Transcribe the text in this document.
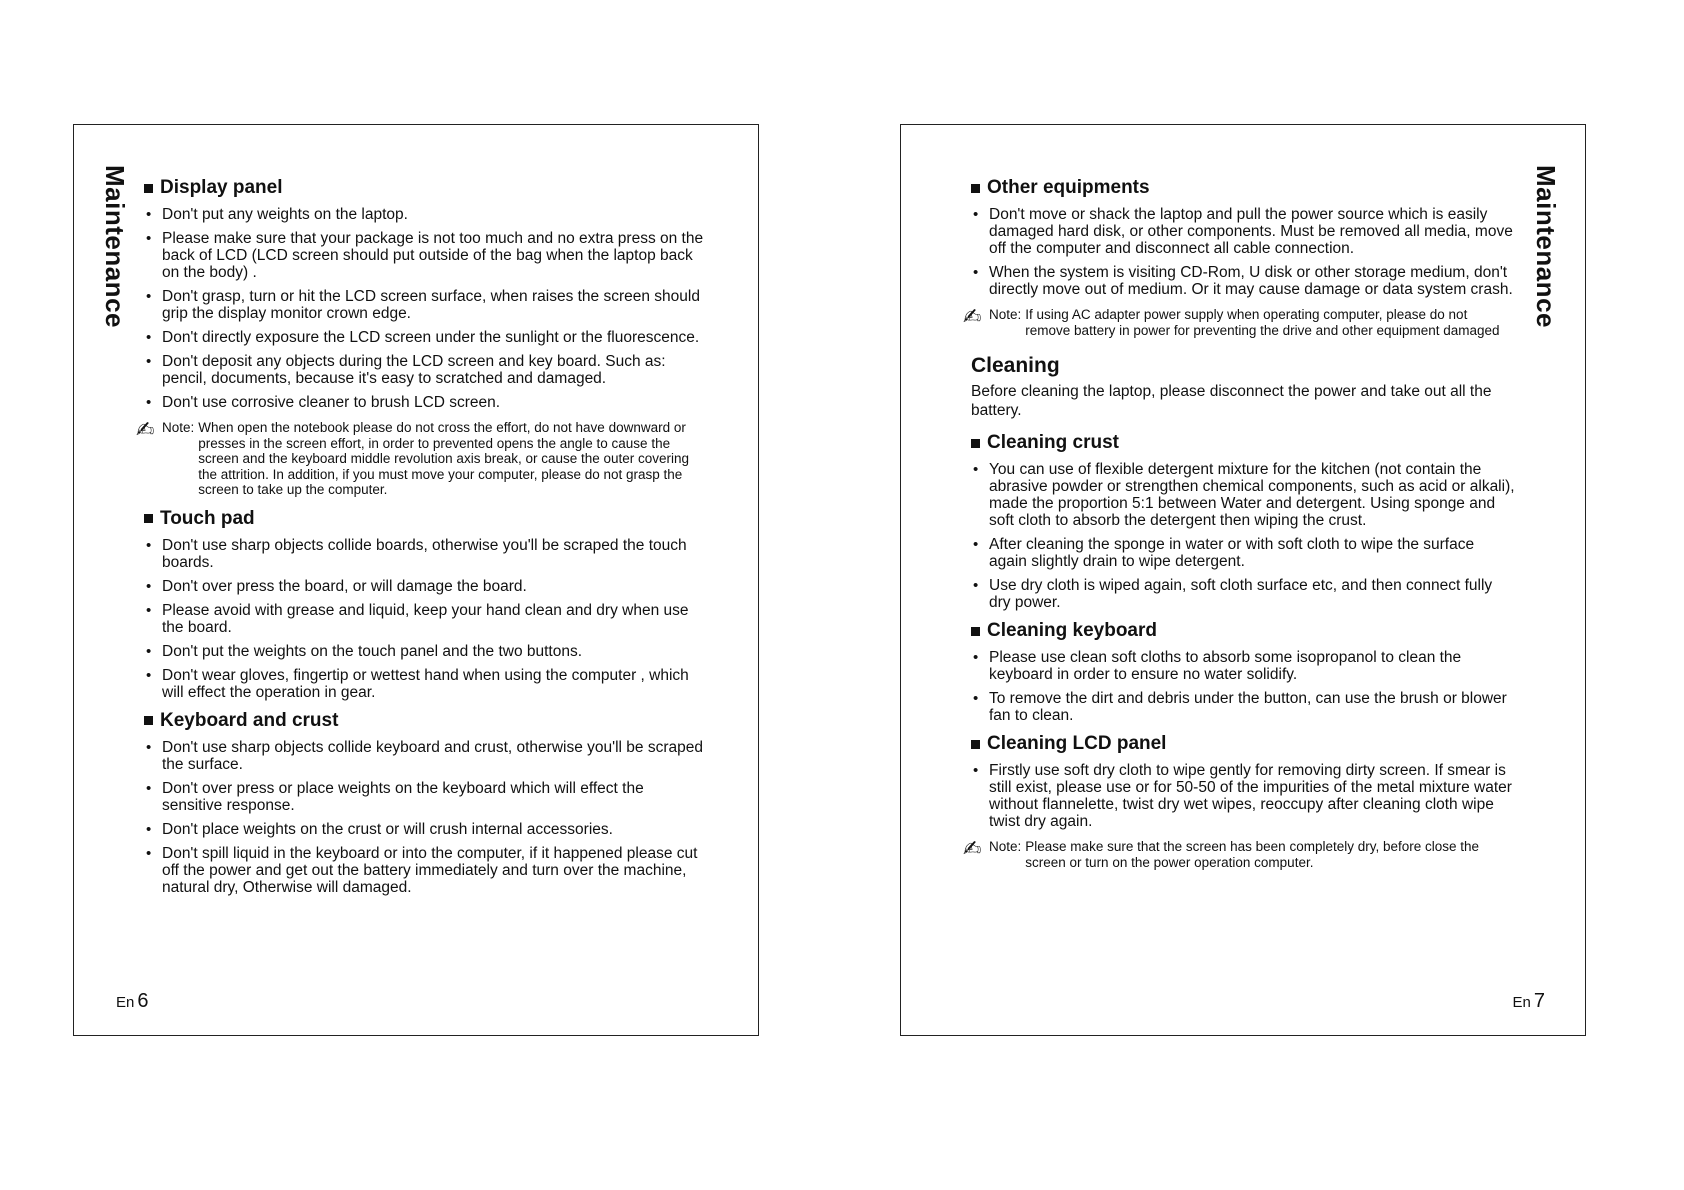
Maintenance Display panel
• Don't put any weights on the laptop.
• Please make sure that your package is not too much and no extra press on the back of LCD (LCD screen should put outside of the bag when the laptop back on the body) .
• Don't grasp, turn or hit the LCD screen surface, when raises the screen should grip the display monitor crown edge.
• Don't directly exposure the LCD screen under the sunlight or the fluorescence.
• Don't deposit any objects during the LCD screen and key board. Such as: pencil, documents, because it's easy to scratched and damaged.
• Don't use corrosive cleaner to brush LCD screen.
✍ Note: When open the notebook please do not cross the effort, do not have downward or presses in the screen effort, in order to prevented opens the angle to cause the screen and the keyboard middle revolution axis break, or cause the outer covering the attrition. In addition, if you must move your computer, please do not grasp the screen to take up the computer.
Touch pad
• Don't use sharp objects collide boards, otherwise you'll be scraped the touch boards.
• Don't over press the board, or will damage the board.
• Please avoid with grease and liquid, keep your hand clean and dry when use the board.
• Don't put the weights on the touch panel and the two buttons.
• Don't wear gloves, fingertip or wettest hand when using the computer , which will effect the operation in gear.
Keyboard and crust
• Don't use sharp objects collide keyboard and crust, otherwise you'll be scraped the surface.
• Don't over press or place weights on the keyboard which will effect the sensitive response.
• Don't place weights on the crust or will crush internal accessories.
• Don't spill liquid in the keyboard or into the computer, if it happened please cut off the power and get out the battery immediately and turn over the machine, natural dry, Otherwise will damaged.
En 6
Maintenance
Other equipments
• Don't move or shack the laptop and pull the power source which is easily damaged hard disk, or other components. Must be removed all media, move off the computer and disconnect all cable connection.
• When the system is visiting CD-Rom, U disk or other storage medium, don't directly move out of medium. Or it may cause damage or data system crash.
✍ Note: If using AC adapter power supply when operating computer, please do not remove battery in power for preventing the drive and other equipment damaged
Cleaning
Before cleaning the laptop, please disconnect the power and take out all the battery.
Cleaning crust
• You can use of flexible detergent mixture for the kitchen (not contain the abrasive powder or strengthen chemical components, such as acid or alkali), made the proportion 5:1 between Water and detergent. Using sponge and soft cloth to absorb the detergent then wiping the crust.
• After cleaning the sponge in water or with soft cloth to wipe the surface again slightly drain to wipe detergent.
• Use dry cloth is wiped again, soft cloth surface etc, and then connect fully dry power.
Cleaning keyboard
• Please use clean soft cloths to absorb some isopropanol to clean the keyboard in order to ensure no water solidify.
• To remove the dirt and debris under the button, can use the brush or blower fan to clean.
Cleaning LCD panel
• Firstly use soft dry cloth to wipe gently for removing dirty screen. If smear is still exist, please use or for 50-50 of the impurities of the metal mixture water without flannelette, twist dry wet wipes, reoccupy after cleaning cloth wipe twist dry again.
✍ Note: Please make sure that the screen has been completely dry, before close the screen or turn on the power operation computer.
En 7
